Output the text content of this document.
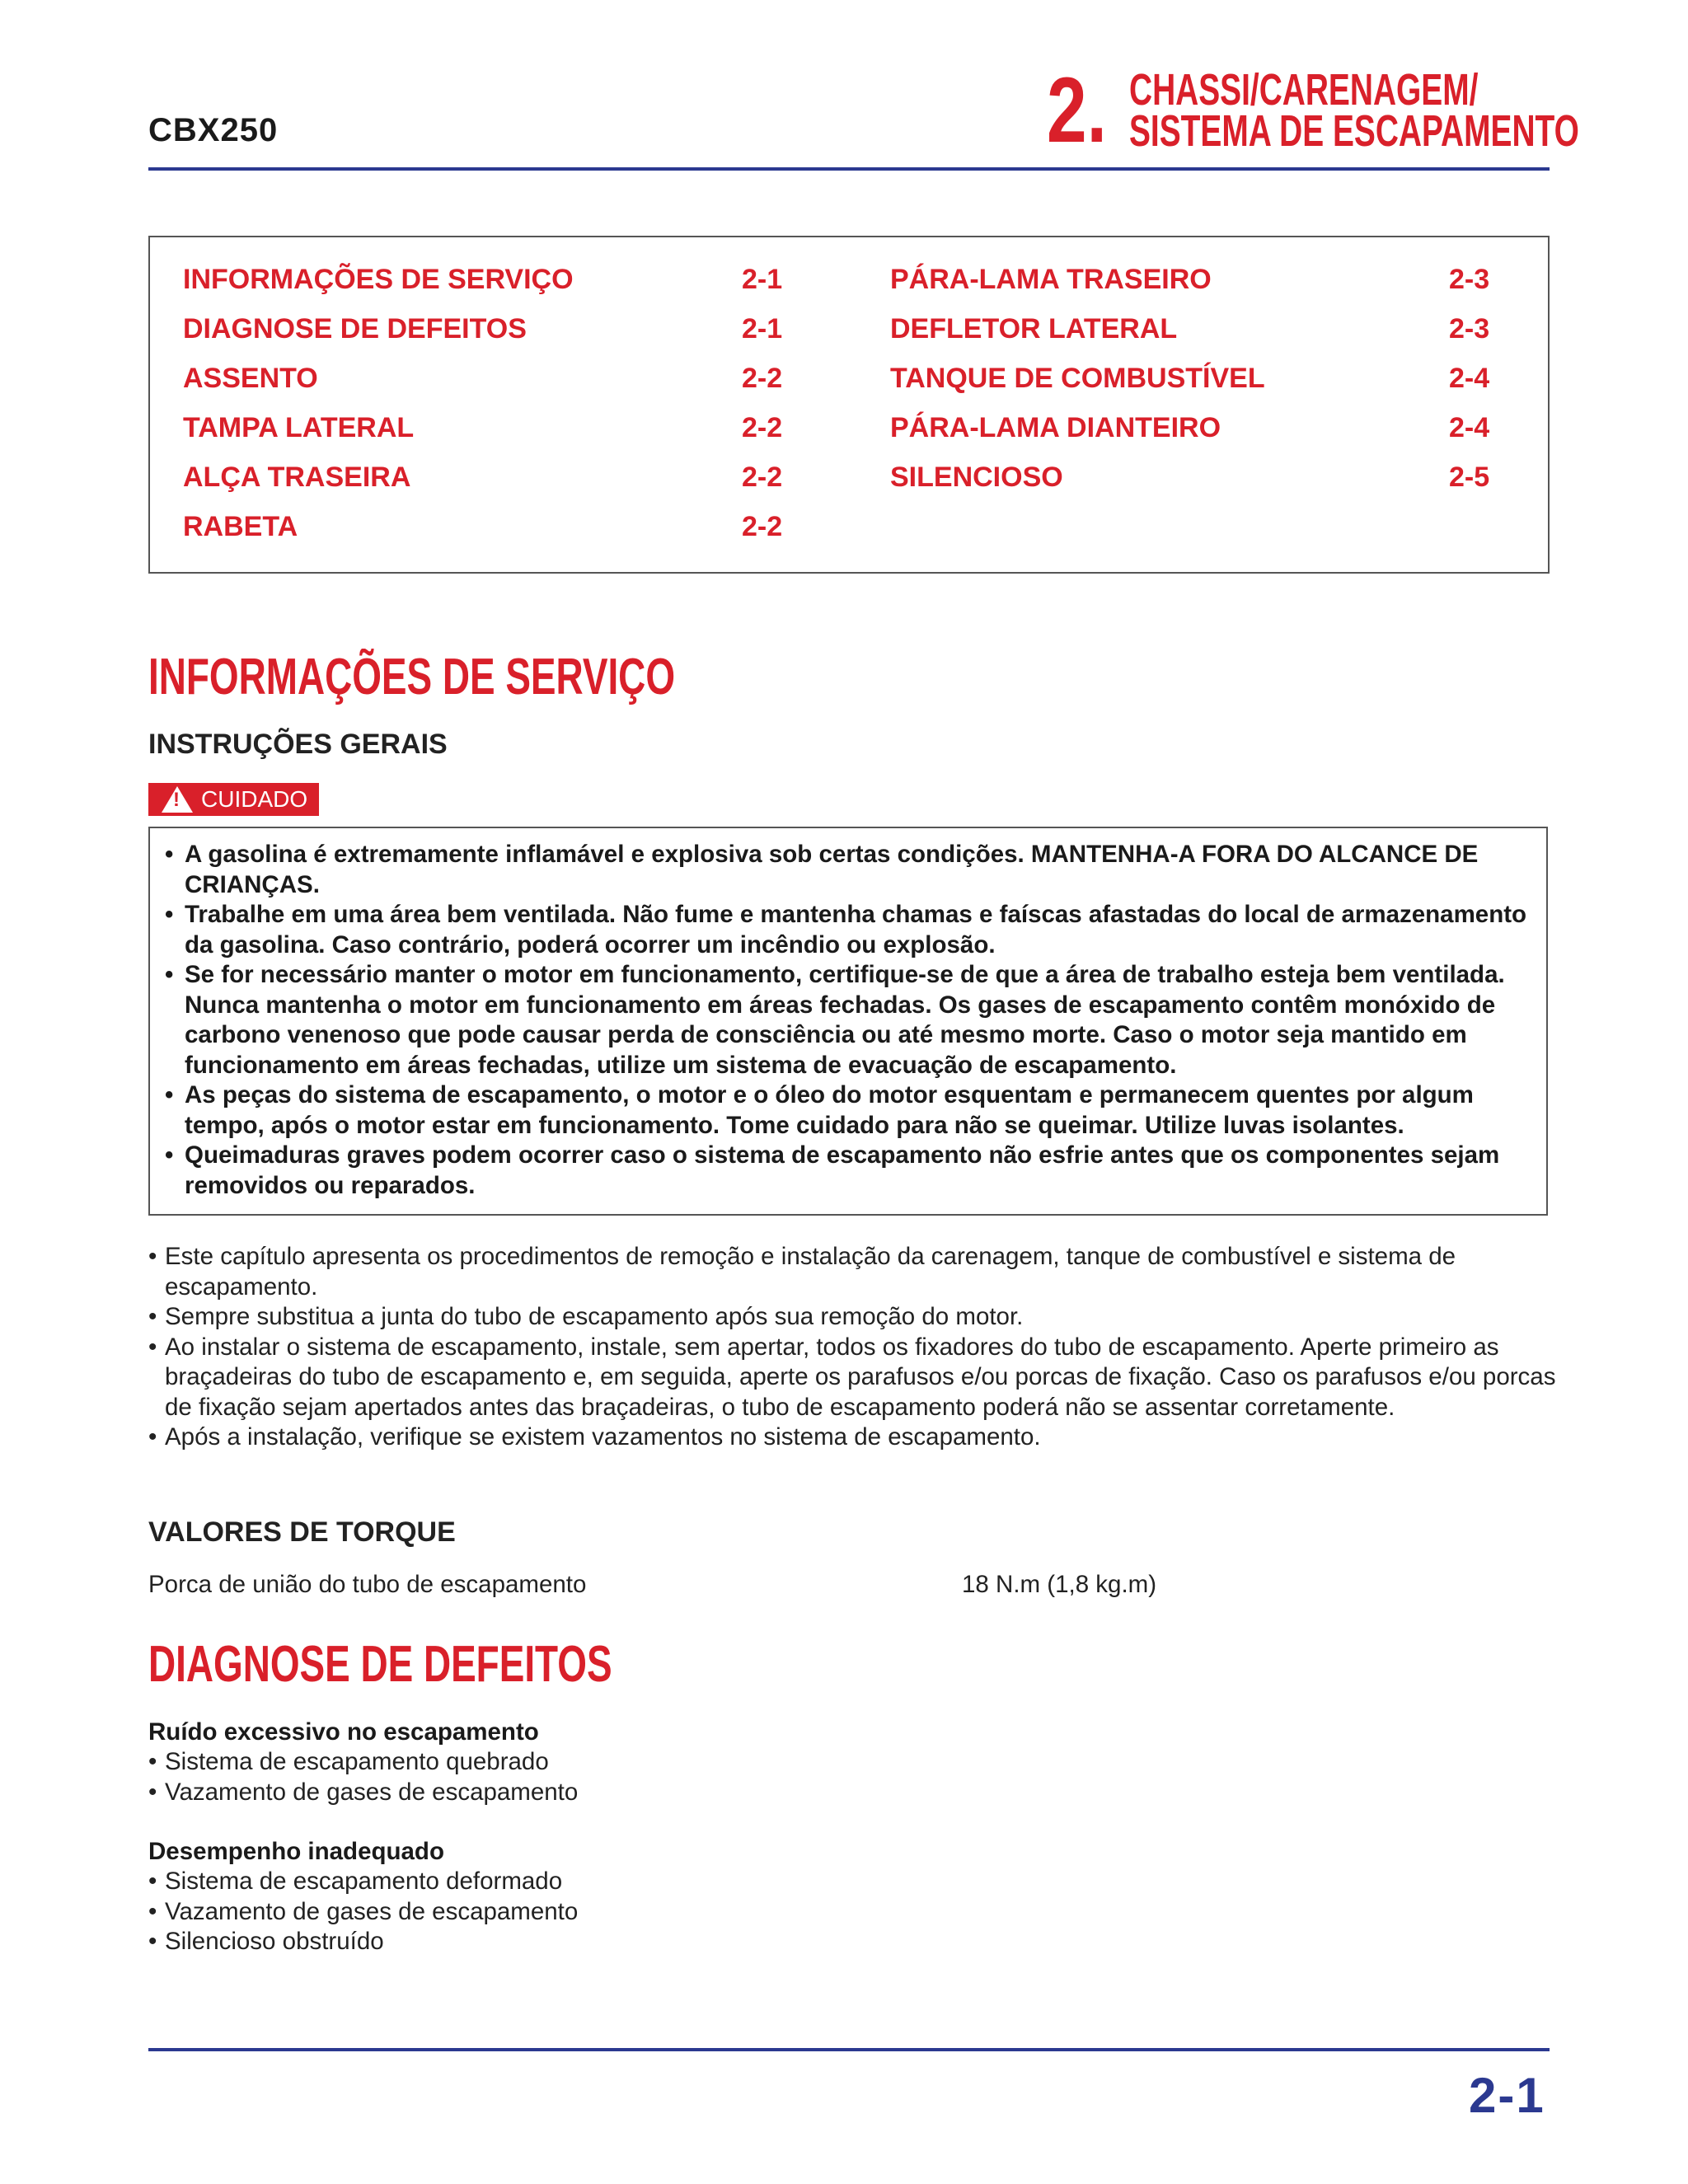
CBX250	2. CHASSI/CARENAGEM/
SISTEMA DE ESCAPAMENTO
INFORMAÇÕES DE SERVIÇO	2-1
DIAGNOSE DE DEFEITOS	2-1
ASSENTO	2-2
TAMPA LATERAL	2-2
ALÇA TRASEIRA	2-2
RABETA	2-2
PÁRA-LAMA TRASEIRO	2-3
DEFLETOR LATERAL	2-3
TANQUE DE COMBUSTÍVEL	2-4
PÁRA-LAMA DIANTEIRO	2-4
SILENCIOSO	2-5
INFORMAÇÕES DE SERVIÇO
INSTRUÇÕES GERAIS
!
CUIDADO
• A gasolina é extremamente inflamável e explosiva sob certas condições. MANTENHA-A FORA DO ALCANCE DE CRIANÇAS.
• Trabalhe em uma área bem ventilada. Não fume e mantenha chamas e faíscas afastadas do local de armazenamento da gasolina. Caso contrário, poderá ocorrer um incêndio ou explosão.
• Se for necessário manter o motor em funcionamento, certifique-se de que a área de trabalho esteja bem ventilada. Nunca mantenha o motor em funcionamento em áreas fechadas. Os gases de escapamento contêm monóxido de carbono venenoso que pode causar perda de consciência ou até mesmo morte. Caso o motor seja mantido em funcionamento em áreas fechadas, utilize um sistema de evacuação de escapamento.
• As peças do sistema de escapamento, o motor e o óleo do motor esquentam e permanecem quentes por algum tempo, após o motor estar em funcionamento. Tome cuidado para não se queimar. Utilize luvas isolantes.
• Queimaduras graves podem ocorrer caso o sistema de escapamento não esfrie antes que os componentes sejam removidos ou reparados.
• Este capítulo apresenta os procedimentos de remoção e instalação da carenagem, tanque de combustível e sistema de escapamento.
• Sempre substitua a junta do tubo de escapamento após sua remoção do motor.
• Ao instalar o sistema de escapamento, instale, sem apertar, todos os fixadores do tubo de escapamento. Aperte primeiro as braçadeiras do tubo de escapamento e, em seguida, aperte os parafusos e/ou porcas de fixação. Caso os parafusos e/ou porcas de fixação sejam apertados antes das braçadeiras, o tubo de escapamento poderá não se assentar corretamente.
• Após a instalação, verifique se existem vazamentos no sistema de escapamento.
VALORES DE TORQUE
Porca de união do tubo de escapamento	18 N.m (1,8 kg.m)
DIAGNOSE DE DEFEITOS
Ruído excessivo no escapamento
• Sistema de escapamento quebrado
• Vazamento de gases de escapamento
Desempenho inadequado
• Sistema de escapamento deformado
• Vazamento de gases de escapamento
• Silencioso obstruído
2-1
